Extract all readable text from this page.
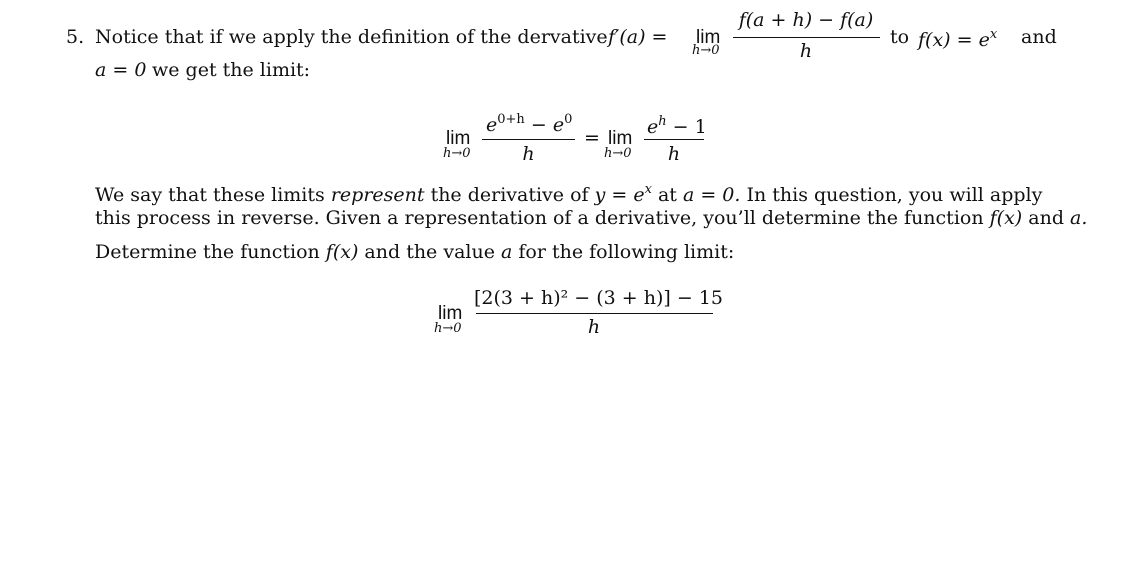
5. Notice that if we apply the definition of the dervative f′(a) = lim
h→0
f(a + h) − f(a)
h
to $f(x) = e^x$ and
a = 0 we get the limit:
lim
h→0
$e^{0+h} - e^0$
h
= lim
h→0
$e^h - 1$
h
We say that these limits represent the derivative of $y = e^x$ at a = 0. In this question, you will apply
this process in reverse. Given a representation of a derivative, you’ll determine the function f(x) and a.
Determine the function f(x) and the value a for the following limit:
lim
h→0
[2(3 + h)² − (3 + h)] − 15
h
